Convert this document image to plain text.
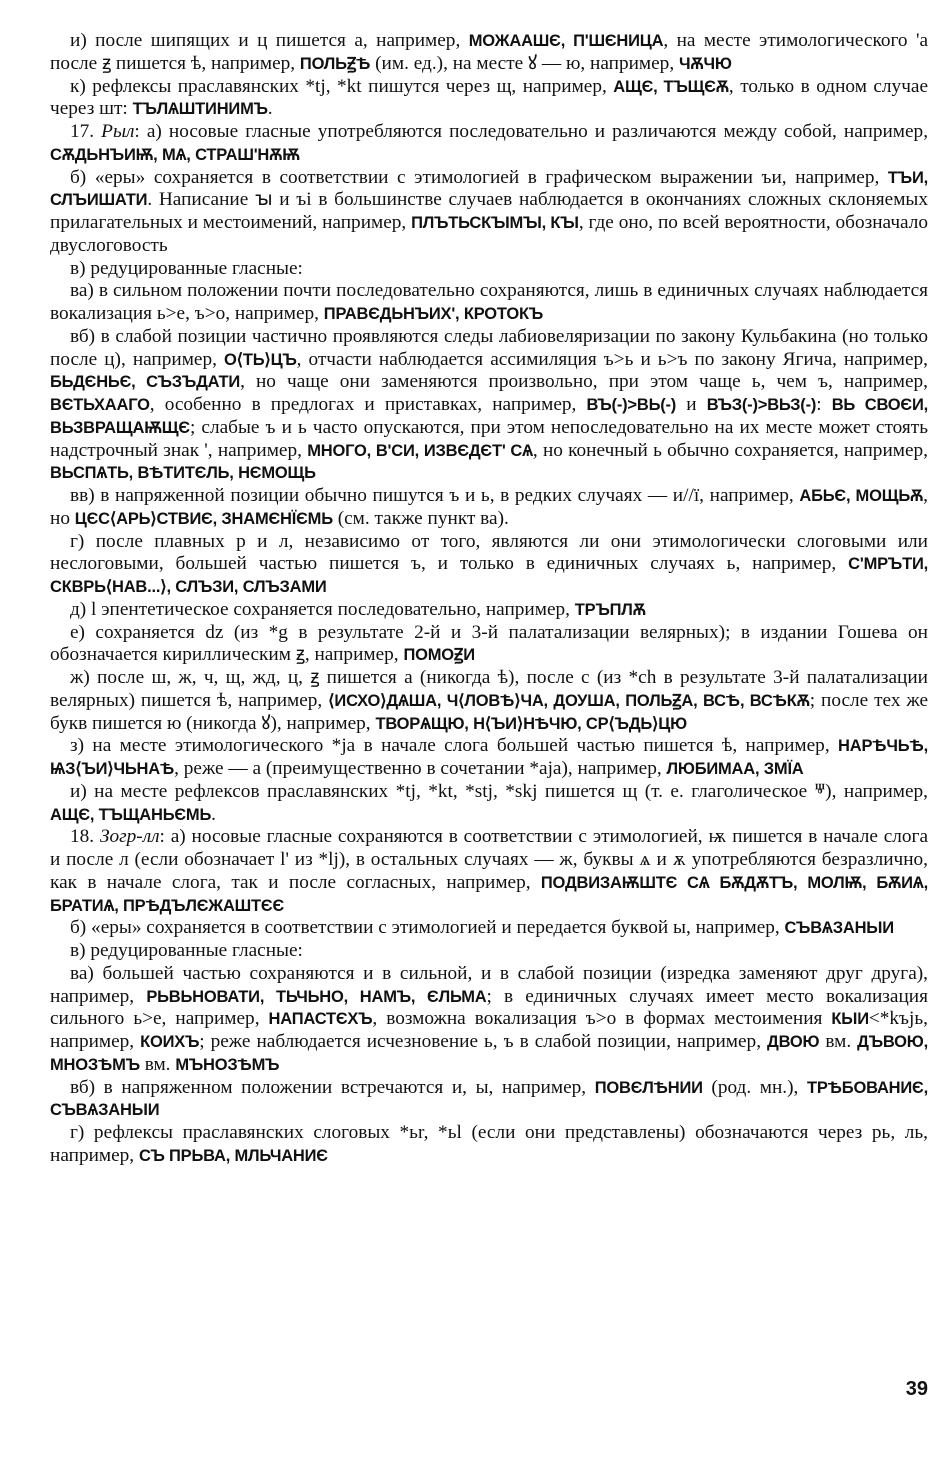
и) после шипящих и ц пишется а, например, МОЖААШЄ, П'ШЄНИЦА, на месте этимологического 'а после ꙃ пишется ѣ, например, ПОЛЬꙂѢ (им. ед.), на месте ꙋ — ю, например, ЧѪЧЮ

к) рефлексы праславянских *tj, *kt пишутся через щ, например, АЩЄ, ТЪЩЄѪ, только в одном случае через шт: ТЪЛѦШТИНИМЪ.

17. Рыл: а) носовые гласные употребляются последовательно и различаются между собой, например, СѪДЬНЪИѬ, МѦ, СТРАШ'НѪѬ

б) «еры» сохраняется в соответствии с этимологией в графическом выражении ъи, например, ТЪИ, СЛЪИШАТИ. Написание ꙑ и ъі в большинстве случаев наблюдается в окончаниях сложных склоняемых прилагательных и местоимений, например, ПЛЪТЬСКЪІМЪІ, КЪІ, где оно, по всей вероятности, обозначало двуслоговость

в) редуцированные гласные:

ва) в сильном положении почти последовательно сохраняются, лишь в единичных случаях наблюдается вокализация ь>е, ъ>о, например, ПРАВЄДЬНЪИХ', КРОТОКЪ

вб) в слабой позиции частично проявляются следы лабиовеляризации по закону Кульбакина (но только после ц), например, О⟨ТЬ⟩ЦЪ, отчасти наблюдается ассимиляция ъ>ь и ь>ъ по закону Ягича, например, БЬДЄНЬЄ, СЪЗЪДАТИ, но чаще они заменяются произвольно, при этом чаще ь, чем ъ, например, ВЄТЬХААГО, особенно в предлогах и приставках, например, ВЪ(-)>ВЬ(-) и ВЪЗ(-)>ВЬЗ(-): ВЬ СВОЄИ, ВЬЗВРАЩАѬЩЄ; слабые ъ и ь часто опускаются, при этом непоследовательно на их месте может стоять надстрочный знак ', например, МНОГО, В'СИ, ИЗВЄДЄТ' СѦ, но конечный ь обычно сохраняется, например, ВЬСПѦТЬ, ВѢТИТЄЛЬ, НЄМОЩЬ

вв) в напряженной позиции обычно пишутся ъ и ь, в редких случаях — и//ї, например, АБЬЄ, МОЩЬѪ, но ЦЄС⟨АРЬ⟩СТВИЄ, ЗНАМЄНЇЄМЬ (см. также пункт ва).

г) после плавных р и л, независимо от того, являются ли они этимологически слоговыми или неслоговыми, большей частью пишется ъ, и только в единичных случаях ь, например, С'МРЪТИ, СКВРЬ⟨НАВ...⟩, СЛЪЗИ, СЛЪЗАМИ

д) l эпентетическое сохраняется последовательно, например, ТРЪПЛѪ

е) сохраняется dz (из *g в результате 2-й и 3-й палатализации велярных); в издании Гошева он обозначается кириллическим ꙃ, например, ПОМОꙂИ

ж) после ш, ж, ч, щ, жд, ц, ꙃ пишется а (никогда ѣ), после с (из *ch в результате 3-й палатализации велярных) пишется ѣ, например, ⟨ИСХО⟩ДѦША, Ч⟨ЛОВѢ⟩ЧА, ДОУША, ПОЛЬꙂА, ВСѢ, ВСѢКѪ; после тех же букв пишется ю (никогда ꙋ), например, ТВОРѦЩЮ, Н⟨ЪИ⟩НѢЧЮ, СР⟨ЪДЬ⟩ЦЮ

з) на месте этимологического *ja в начале слога большей частью пишется ѣ, например, НАРѢЧЬѢ, ѨЗ⟨ЪИ⟩ЧЬНАѢ, реже — а (преимущественно в сочетании *aja), например, ЛЮБИМАА, ЗМЇА

и) на месте рефлексов праславянских *tj, *kt, *stj, *skj пишется щ (т. е. глаголическое ⱋ), например, АЩЄ, ТЪЩАНЬЄМЬ.

18. Зогр-лл: а) носовые гласные сохраняются в соответствии с этимологией, ѭ пишется в начале слога и после л (если обозначает l' из *lj), в остальных случаях — ж, буквы ѧ и ѫ употребляются безразлично, как в начале слога, так и после согласных, например, ПОДВИЗАѬШТЄ СѦ БѪДѪТЪ, МОЛѬ, БѪИѦ, БРАТИѦ, ПРѢДЪЛЄЖАШТЄЄ

б) «еры» сохраняется в соответствии с этимологией и передается буквой ы, например, СЪВѦЗАНЫИ

в) редуцированные гласные:

ва) большей частью сохраняются и в сильной, и в слабой позиции (изредка заменяют друг друга), например, РЬВЬНОВАТИ, ТЬЧЬНО, НАМЪ, ЄЛЬМА; в единичных случаях имеет место вокализация сильного ь>е, например, НАПАСТЄХЪ, возможна вокализация ъ>о в формах местоимения КЫИ<*kъjь, например, КОИХЪ; реже наблюдается исчезновение ь, ъ в слабой позиции, например, ДВОЮ вм. ДЪВОЮ, МНОЗѢМЪ вм. МЪНОЗѢМЪ

вб) в напряженном положении встречаются и, ы, например, ПОВЄЛѢНИИ (род. мн.), ТРѢБОВАНИЄ, СЪВѦЗАНЫИ

г) рефлексы праславянских слоговых *ьr, *ьl (если они представлены) обозначаются через рь, ль, например, СЪ ПРЬВА, МЛЬЧАНИЄ

39
